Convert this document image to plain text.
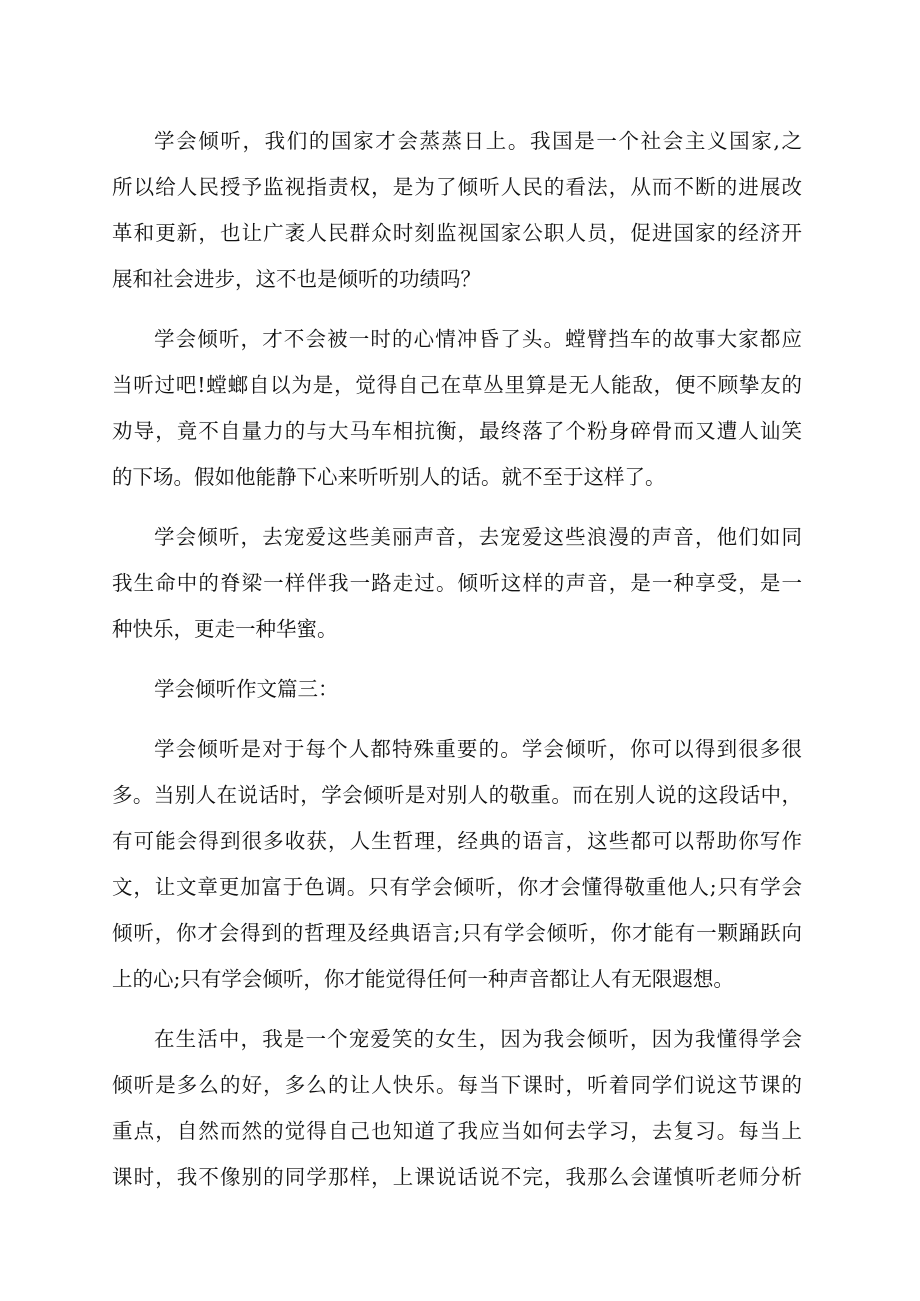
学会倾听，我们的国家才会蒸蒸日上。我国是一个社会主义国家,之
所以给人民授予监视指责权，是为了倾听人民的看法，从而不断的进展改
革和更新，也让广袤人民群众时刻监视国家公职人员，促进国家的经济开
展和社会进步，这不也是倾听的功绩吗？
学会倾听，才不会被一时的心情冲昏了头。螳臂挡车的故事大家都应
当听过吧!螳螂自以为是，觉得自己在草丛里算是无人能敌，便不顾挚友的
劝导，竟不自量力的与大马车相抗衡，最终落了个粉身碎骨而又遭人讪笑
的下场。假如他能静下心来听听别人的话。就不至于这样了。
学会倾听，去宠爱这些美丽声音，去宠爱这些浪漫的声音，他们如同
我生命中的脊梁一样伴我一路走过。倾听这样的声音，是一种享受，是一
种快乐，更走一种华蜜。
学会倾听作文篇三：
学会倾听是对于每个人都特殊重要的。学会倾听，你可以得到很多很
多。当别人在说话时，学会倾听是对别人的敬重。而在别人说的这段话中，
有可能会得到很多收获，人生哲理，经典的语言，这些都可以帮助你写作
文，让文章更加富于色调。只有学会倾听，你才会懂得敬重他人;只有学会
倾听，你才会得到的哲理及经典语言;只有学会倾听，你才能有一颗踊跃向
上的心;只有学会倾听，你才能觉得任何一种声音都让人有无限遐想。
在生活中，我是一个宠爱笑的女生，因为我会倾听，因为我懂得学会
倾听是多么的好，多么的让人快乐。每当下课时，听着同学们说这节课的
重点，自然而然的觉得自己也知道了我应当如何去学习，去复习。每当上
课时，我不像别的同学那样，上课说话说不完，我那么会谨慎听老师分析
